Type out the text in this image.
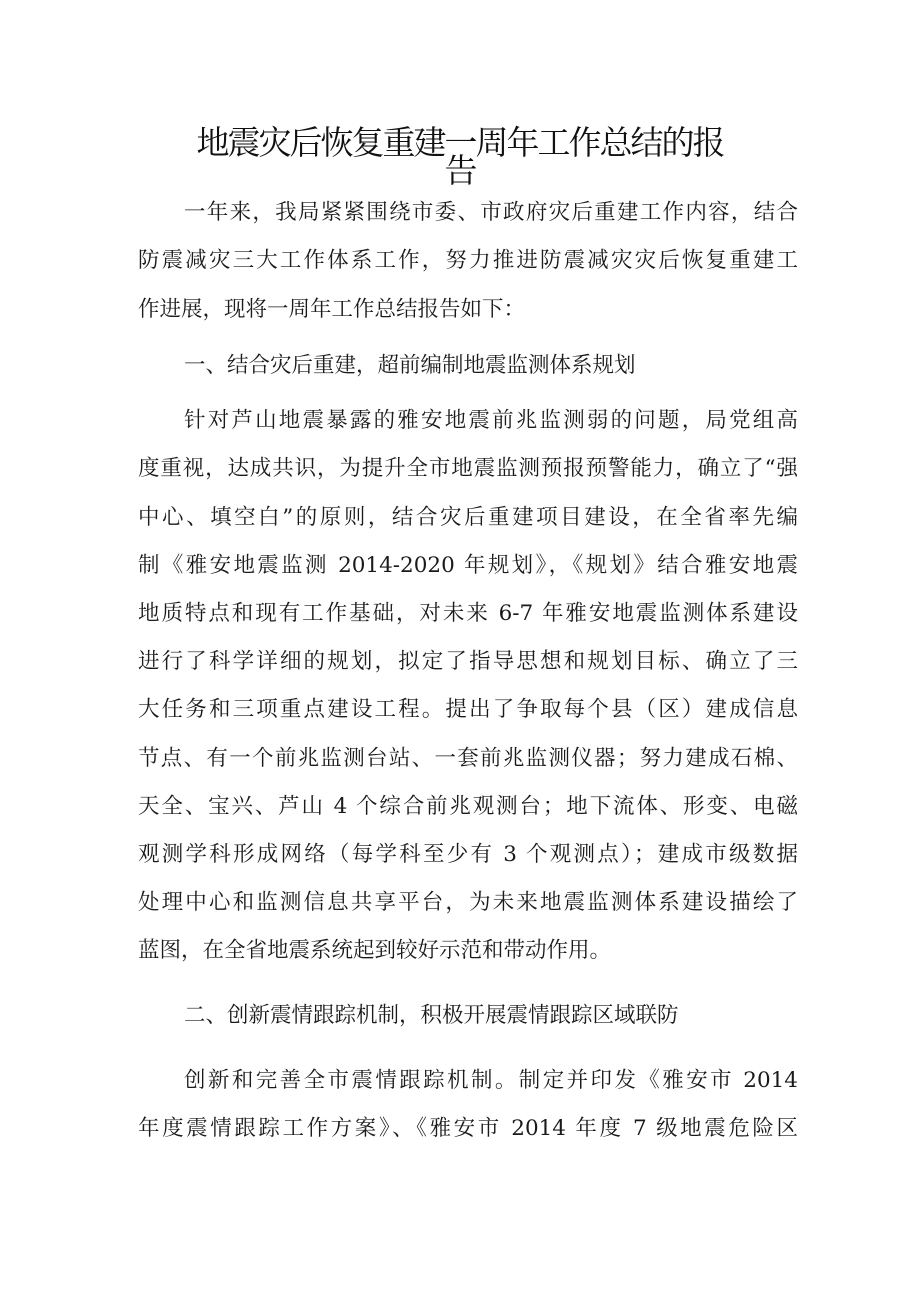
地震灾后恢复重建一周年工作总结的报
告
一年来，我局紧紧围绕市委、市政府灾后重建工作内容，结合
防震减灾三大工作体系工作，努力推进防震减灾灾后恢复重建工
作进展，现将一周年工作总结报告如下：
一、结合灾后重建，超前编制地震监测体系规划
针对芦山地震暴露的雅安地震前兆监测弱的问题，局党组高
度重视，达成共识，为提升全市地震监测预报预警能力，确立了“强
中心、填空白”的原则，结合灾后重建项目建设，在全省率先编
制《雅安地震监测 2014-2020 年规划》，《规划》结合雅安地震
地质特点和现有工作基础，对未来 6-7 年雅安地震监测体系建设
进行了科学详细的规划，拟定了指导思想和规划目标、确立了三
大任务和三项重点建设工程。提出了争取每个县（区）建成信息
节点、有一个前兆监测台站、一套前兆监测仪器；努力建成石棉、
天全、宝兴、芦山 4 个综合前兆观测台；地下流体、形变、电磁
观测学科形成网络（每学科至少有 3 个观测点）；建成市级数据
处理中心和监测信息共享平台，为未来地震监测体系建设描绘了
蓝图，在全省地震系统起到较好示范和带动作用。
二、创新震情跟踪机制，积极开展震情跟踪区域联防
创新和完善全市震情跟踪机制。制定并印发《雅安市 2014
年度震情跟踪工作方案》、《雅安市 2014 年度 7 级地震危险区
